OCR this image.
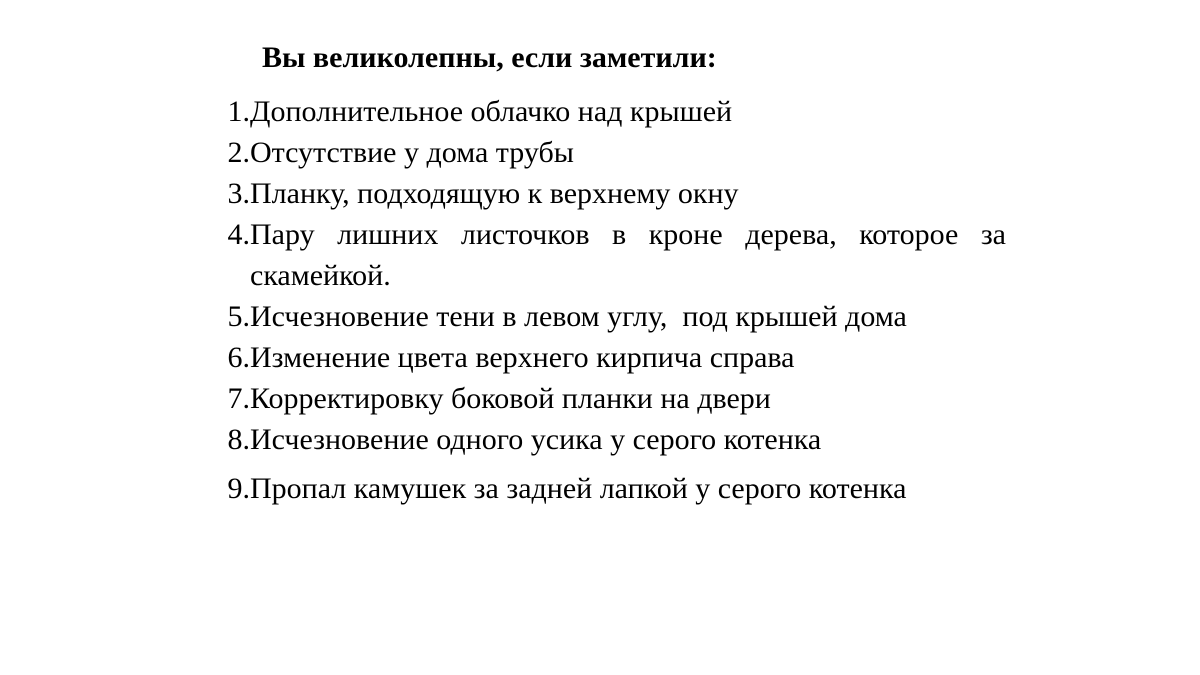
Вы великолепны, если заметили:
1. Дополнительное облачко над крышей
2. Отсутствие у дома трубы
3. Планку, подходящую к верхнему окну
4. Пару лишних листочков в кроне дерева, которое за скамейкой.
5. Исчезновение тени в левом углу,  под крышей дома
6. Изменение цвета верхнего кирпича справа
7. Корректировку боковой планки на двери
8. Исчезновение одного усика у серого котенка
9. Пропал камушек за задней лапкой у серого котенка
